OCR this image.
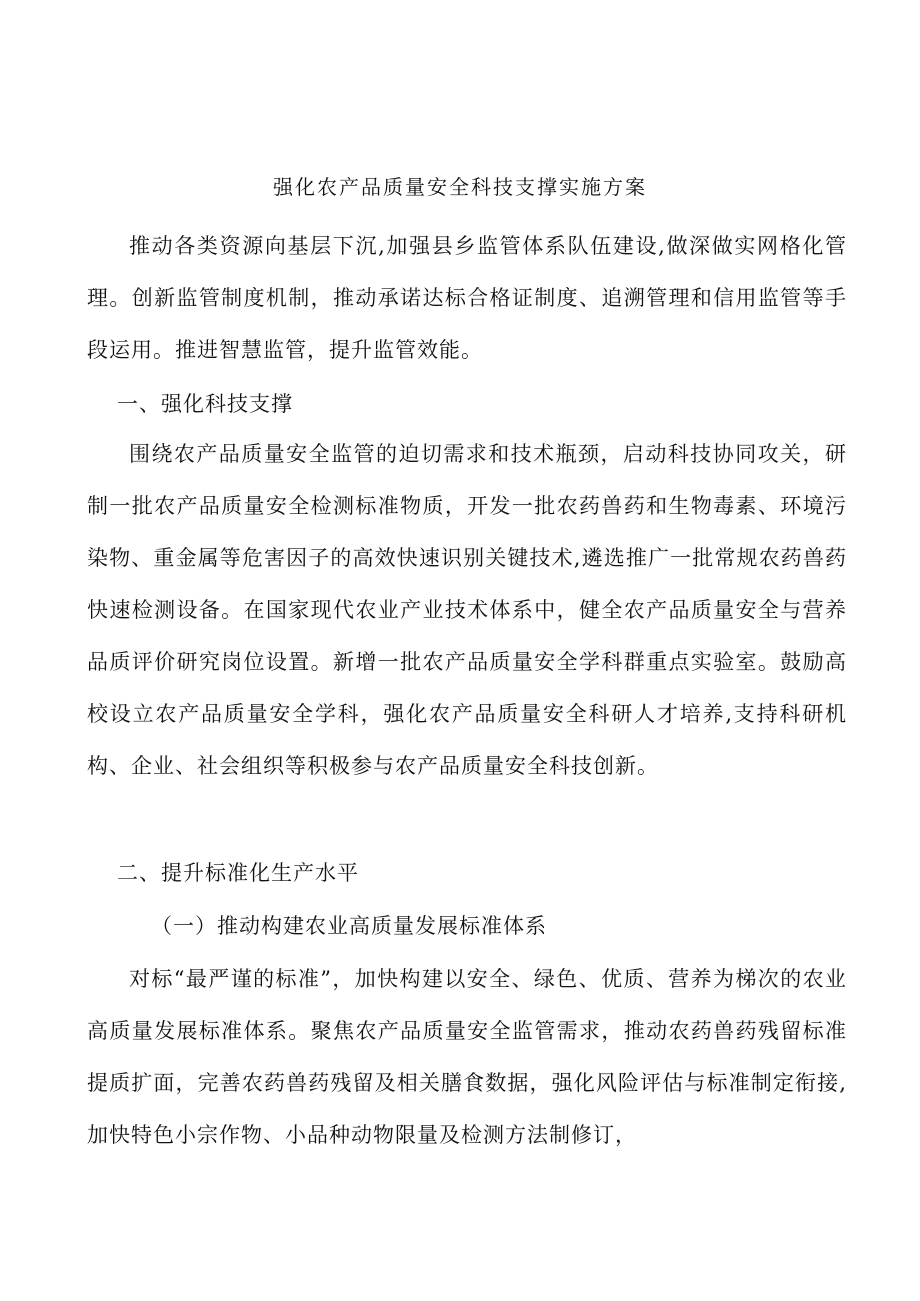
强化农产品质量安全科技支撑实施方案

推动各类资源向基层下沉,加强县乡监管体系队伍建设,做深做实网格化管理。创新监管制度机制，推动承诺达标合格证制度、追溯管理和信用监管等手段运用。推进智慧监管，提升监管效能。

一、强化科技支撑

围绕农产品质量安全监管的迫切需求和技术瓶颈，启动科技协同攻关，研制一批农产品质量安全检测标准物质，开发一批农药兽药和生物毒素、环境污染物、重金属等危害因子的高效快速识别关键技术,遴选推广一批常规农药兽药快速检测设备。在国家现代农业产业技术体系中，健全农产品质量安全与营养品质评价研究岗位设置。新增一批农产品质量安全学科群重点实验室。鼓励高校设立农产品质量安全学科，强化农产品质量安全科研人才培养,支持科研机构、企业、社会组织等积极参与农产品质量安全科技创新。

二、提升标准化生产水平
（一）推动构建农业高质量发展标准体系

对标“最严谨的标准”，加快构建以安全、绿色、优质、营养为梯次的农业高质量发展标准体系。聚焦农产品质量安全监管需求，推动农药兽药残留标准提质扩面，完善农药兽药残留及相关膳食数据，强化风险评估与标准制定衔接,加快特色小宗作物、小品种动物限量及检测方法制修订，
